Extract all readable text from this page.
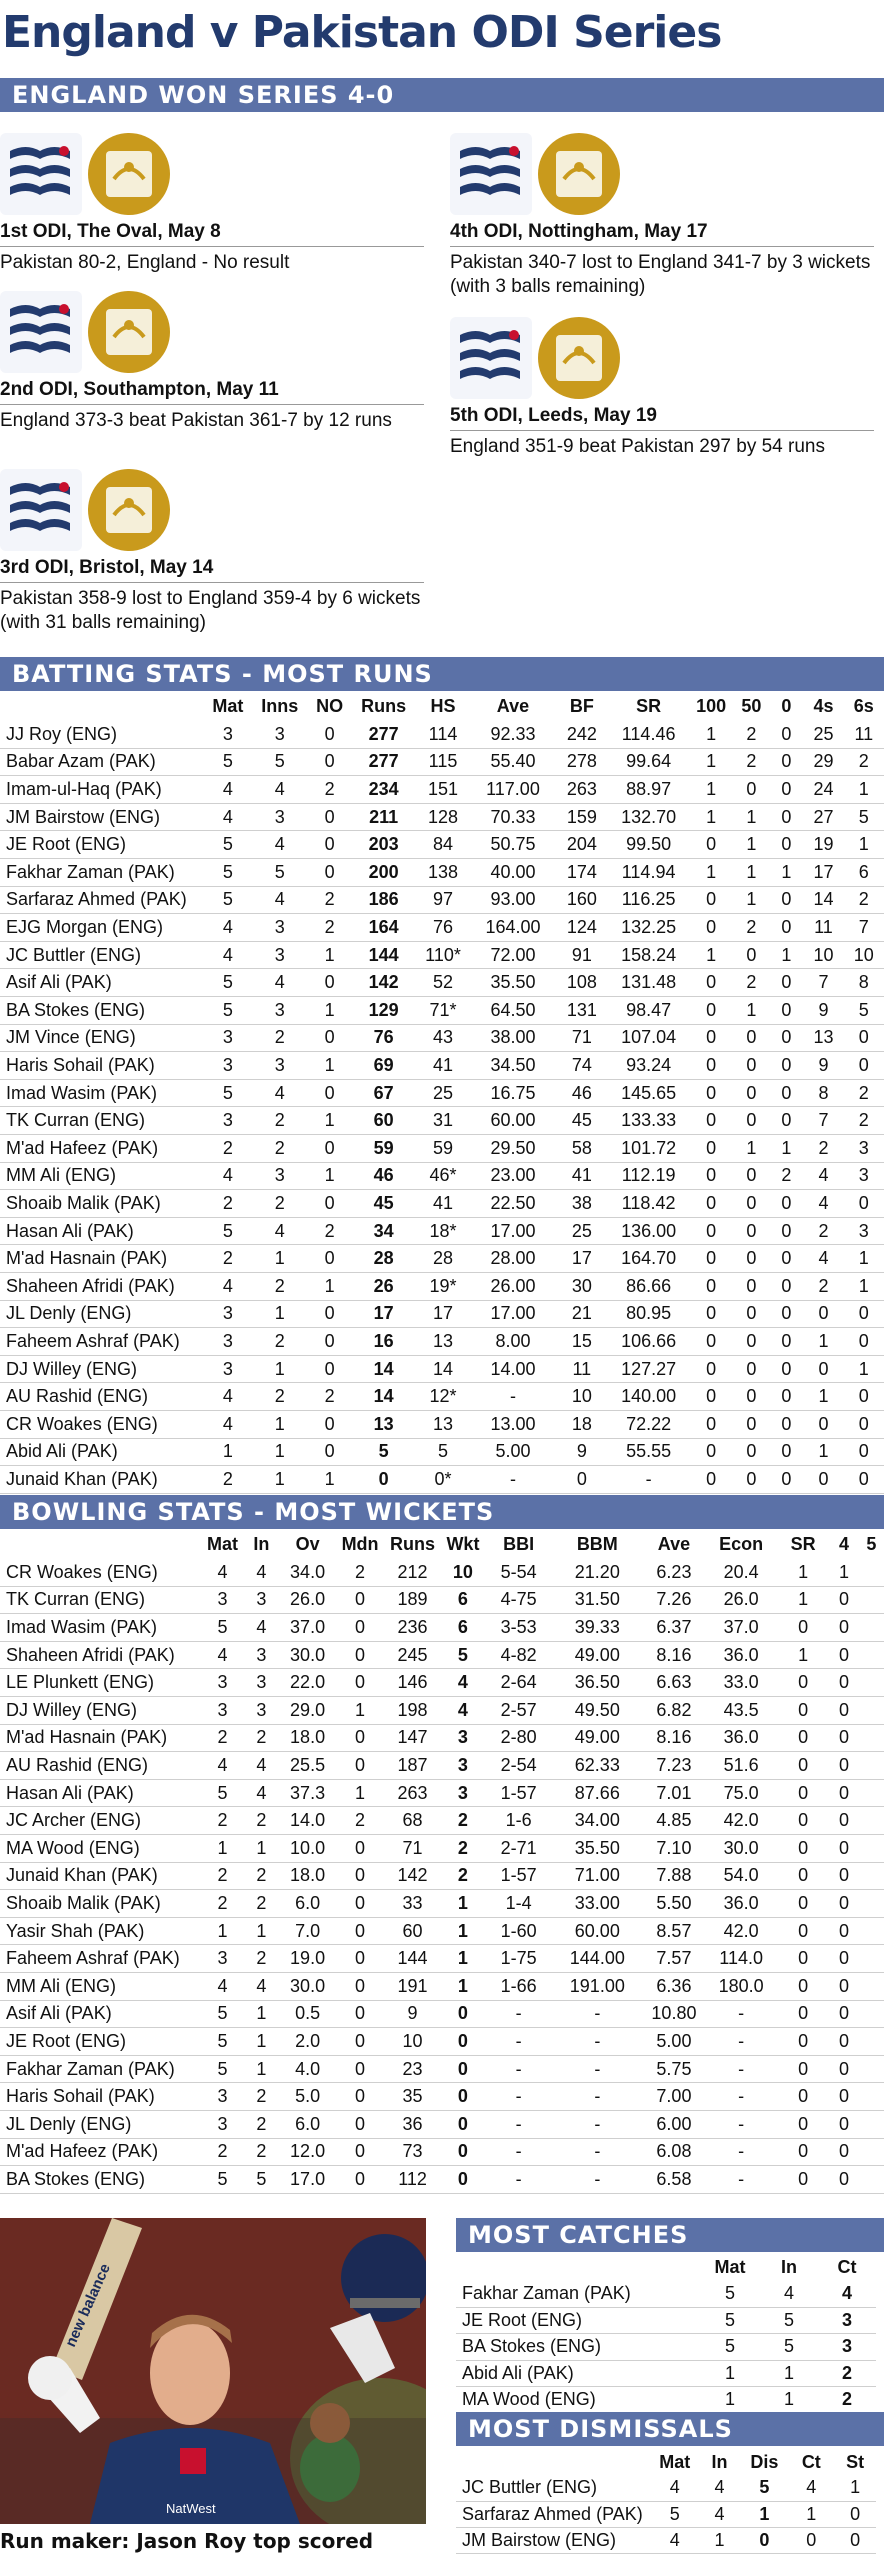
England v Pakistan ODI Series
ENGLAND WON SERIES 4-0
1st ODI, The Oval, May 8
Pakistan 80-2, England - No result
2nd ODI, Southampton, May 11
England 373-3 beat Pakistan 361-7 by 12 runs
3rd ODI, Bristol, May 14
Pakistan 358-9 lost to England 359-4 by 6 wickets (with 31 balls remaining)
4th ODI, Nottingham, May 17
Pakistan 340-7 lost to England 341-7 by 3 wickets (with 3 balls remaining)
5th ODI, Leeds, May 19
England 351-9 beat Pakistan 297 by 54 runs
BATTING STATS - MOST RUNS
	Mat	Inns	NO	Runs	HS	Ave	BF	SR	100	50	0	4s	6s
JJ Roy (ENG)	3	3	0	277	114	92.33	242	114.46	1	2	0	25	11
Babar Azam (PAK)	5	5	0	277	115	55.40	278	99.64	1	2	0	29	2
Imam-ul-Haq (PAK)	4	4	2	234	151	117.00	263	88.97	1	0	0	24	1
JM Bairstow (ENG)	4	3	0	211	128	70.33	159	132.70	1	1	0	27	5
JE Root (ENG)	5	4	0	203	84	50.75	204	99.50	0	1	0	19	1
Fakhar Zaman (PAK)	5	5	0	200	138	40.00	174	114.94	1	1	1	17	6
Sarfaraz Ahmed (PAK)	5	4	2	186	97	93.00	160	116.25	0	1	0	14	2
EJG Morgan (ENG)	4	3	2	164	76	164.00	124	132.25	0	2	0	11	7
JC Buttler (ENG)	4	3	1	144	110*	72.00	91	158.24	1	0	1	10	10
Asif Ali (PAK)	5	4	0	142	52	35.50	108	131.48	0	2	0	7	8
BA Stokes (ENG)	5	3	1	129	71*	64.50	131	98.47	0	1	0	9	5
JM Vince (ENG)	3	2	0	76	43	38.00	71	107.04	0	0	0	13	0
Haris Sohail (PAK)	3	3	1	69	41	34.50	74	93.24	0	0	0	9	0
Imad Wasim (PAK)	5	4	0	67	25	16.75	46	145.65	0	0	0	8	2
TK Curran (ENG)	3	2	1	60	31	60.00	45	133.33	0	0	0	7	2
M'ad Hafeez (PAK)	2	2	0	59	59	29.50	58	101.72	0	1	1	2	3
MM Ali (ENG)	4	3	1	46	46*	23.00	41	112.19	0	0	2	4	3
Shoaib Malik (PAK)	2	2	0	45	41	22.50	38	118.42	0	0	0	4	0
Hasan Ali (PAK)	5	4	2	34	18*	17.00	25	136.00	0	0	0	2	3
M'ad Hasnain (PAK)	2	1	0	28	28	28.00	17	164.70	0	0	0	4	1
Shaheen Afridi (PAK)	4	2	1	26	19*	26.00	30	86.66	0	0	0	2	1
JL Denly (ENG)	3	1	0	17	17	17.00	21	80.95	0	0	0	0	0
Faheem Ashraf (PAK)	3	2	0	16	13	8.00	15	106.66	0	0	0	1	0
DJ Willey (ENG)	3	1	0	14	14	14.00	11	127.27	0	0	0	0	1
AU Rashid (ENG)	4	2	2	14	12*	-	10	140.00	0	0	0	1	0
CR Woakes (ENG)	4	1	0	13	13	13.00	18	72.22	0	0	0	0	0
Abid Ali (PAK)	1	1	0	5	5	5.00	9	55.55	0	0	0	1	0
Junaid Khan (PAK)	2	1	1	0	0*	-	0	-	0	0	0	0	0
BOWLING STATS - MOST WICKETS
	Mat	In	Ov	Mdn	Runs	Wkt	BBI	BBM	Ave	Econ	SR	4	5
CR Woakes (ENG)	4	4	34.0	2	212	10	5-54	21.20	6.23	20.4	1	1	
TK Curran (ENG)	3	3	26.0	0	189	6	4-75	31.50	7.26	26.0	1	0	
Imad Wasim (PAK)	5	4	37.0	0	236	6	3-53	39.33	6.37	37.0	0	0	
Shaheen Afridi (PAK)	4	3	30.0	0	245	5	4-82	49.00	8.16	36.0	1	0	
LE Plunkett (ENG)	3	3	22.0	0	146	4	2-64	36.50	6.63	33.0	0	0	
DJ Willey (ENG)	3	3	29.0	1	198	4	2-57	49.50	6.82	43.5	0	0	
M'ad Hasnain (PAK)	2	2	18.0	0	147	3	2-80	49.00	8.16	36.0	0	0	
AU Rashid (ENG)	4	4	25.5	0	187	3	2-54	62.33	7.23	51.6	0	0	
Hasan Ali (PAK)	5	4	37.3	1	263	3	1-57	87.66	7.01	75.0	0	0	
JC Archer (ENG)	2	2	14.0	2	68	2	1-6	34.00	4.85	42.0	0	0	
MA Wood (ENG)	1	1	10.0	0	71	2	2-71	35.50	7.10	30.0	0	0	
Junaid Khan (PAK)	2	2	18.0	0	142	2	1-57	71.00	7.88	54.0	0	0	
Shoaib Malik (PAK)	2	2	6.0	0	33	1	1-4	33.00	5.50	36.0	0	0	
Yasir Shah (PAK)	1	1	7.0	0	60	1	1-60	60.00	8.57	42.0	0	0	
Faheem Ashraf (PAK)	3	2	19.0	0	144	1	1-75	144.00	7.57	114.0	0	0	
MM Ali (ENG)	4	4	30.0	0	191	1	1-66	191.00	6.36	180.0	0	0	
Asif Ali (PAK)	5	1	0.5	0	9	0	-	-	10.80	-	0	0	
JE Root (ENG)	5	1	2.0	0	10	0	-	-	5.00	-	0	0	
Fakhar Zaman (PAK)	5	1	4.0	0	23	0	-	-	5.75	-	0	0	
Haris Sohail (PAK)	3	2	5.0	0	35	0	-	-	7.00	-	0	0	
JL Denly (ENG)	3	2	6.0	0	36	0	-	-	6.00	-	0	0	
M'ad Hafeez (PAK)	2	2	12.0	0	73	0	-	-	6.08	-	0	0	
BA Stokes (ENG)	5	5	17.0	0	112	0	-	-	6.58	-	0	0	
new balance
NatWest
Run maker: Jason Roy top scored
MOST CATCHES
	Mat	In	Ct
Fakhar Zaman (PAK)	5	4	4
JE Root (ENG)	5	5	3
BA Stokes (ENG)	5	5	3
Abid Ali (PAK)	1	1	2
MA Wood (ENG)	1	1	2
MOST DISMISSALS
	Mat	In	Dis	Ct	St
JC Buttler (ENG)	4	4	5	4	1
Sarfaraz Ahmed (PAK)	5	4	1	1	0
JM Bairstow (ENG)	4	1	0	0	0
